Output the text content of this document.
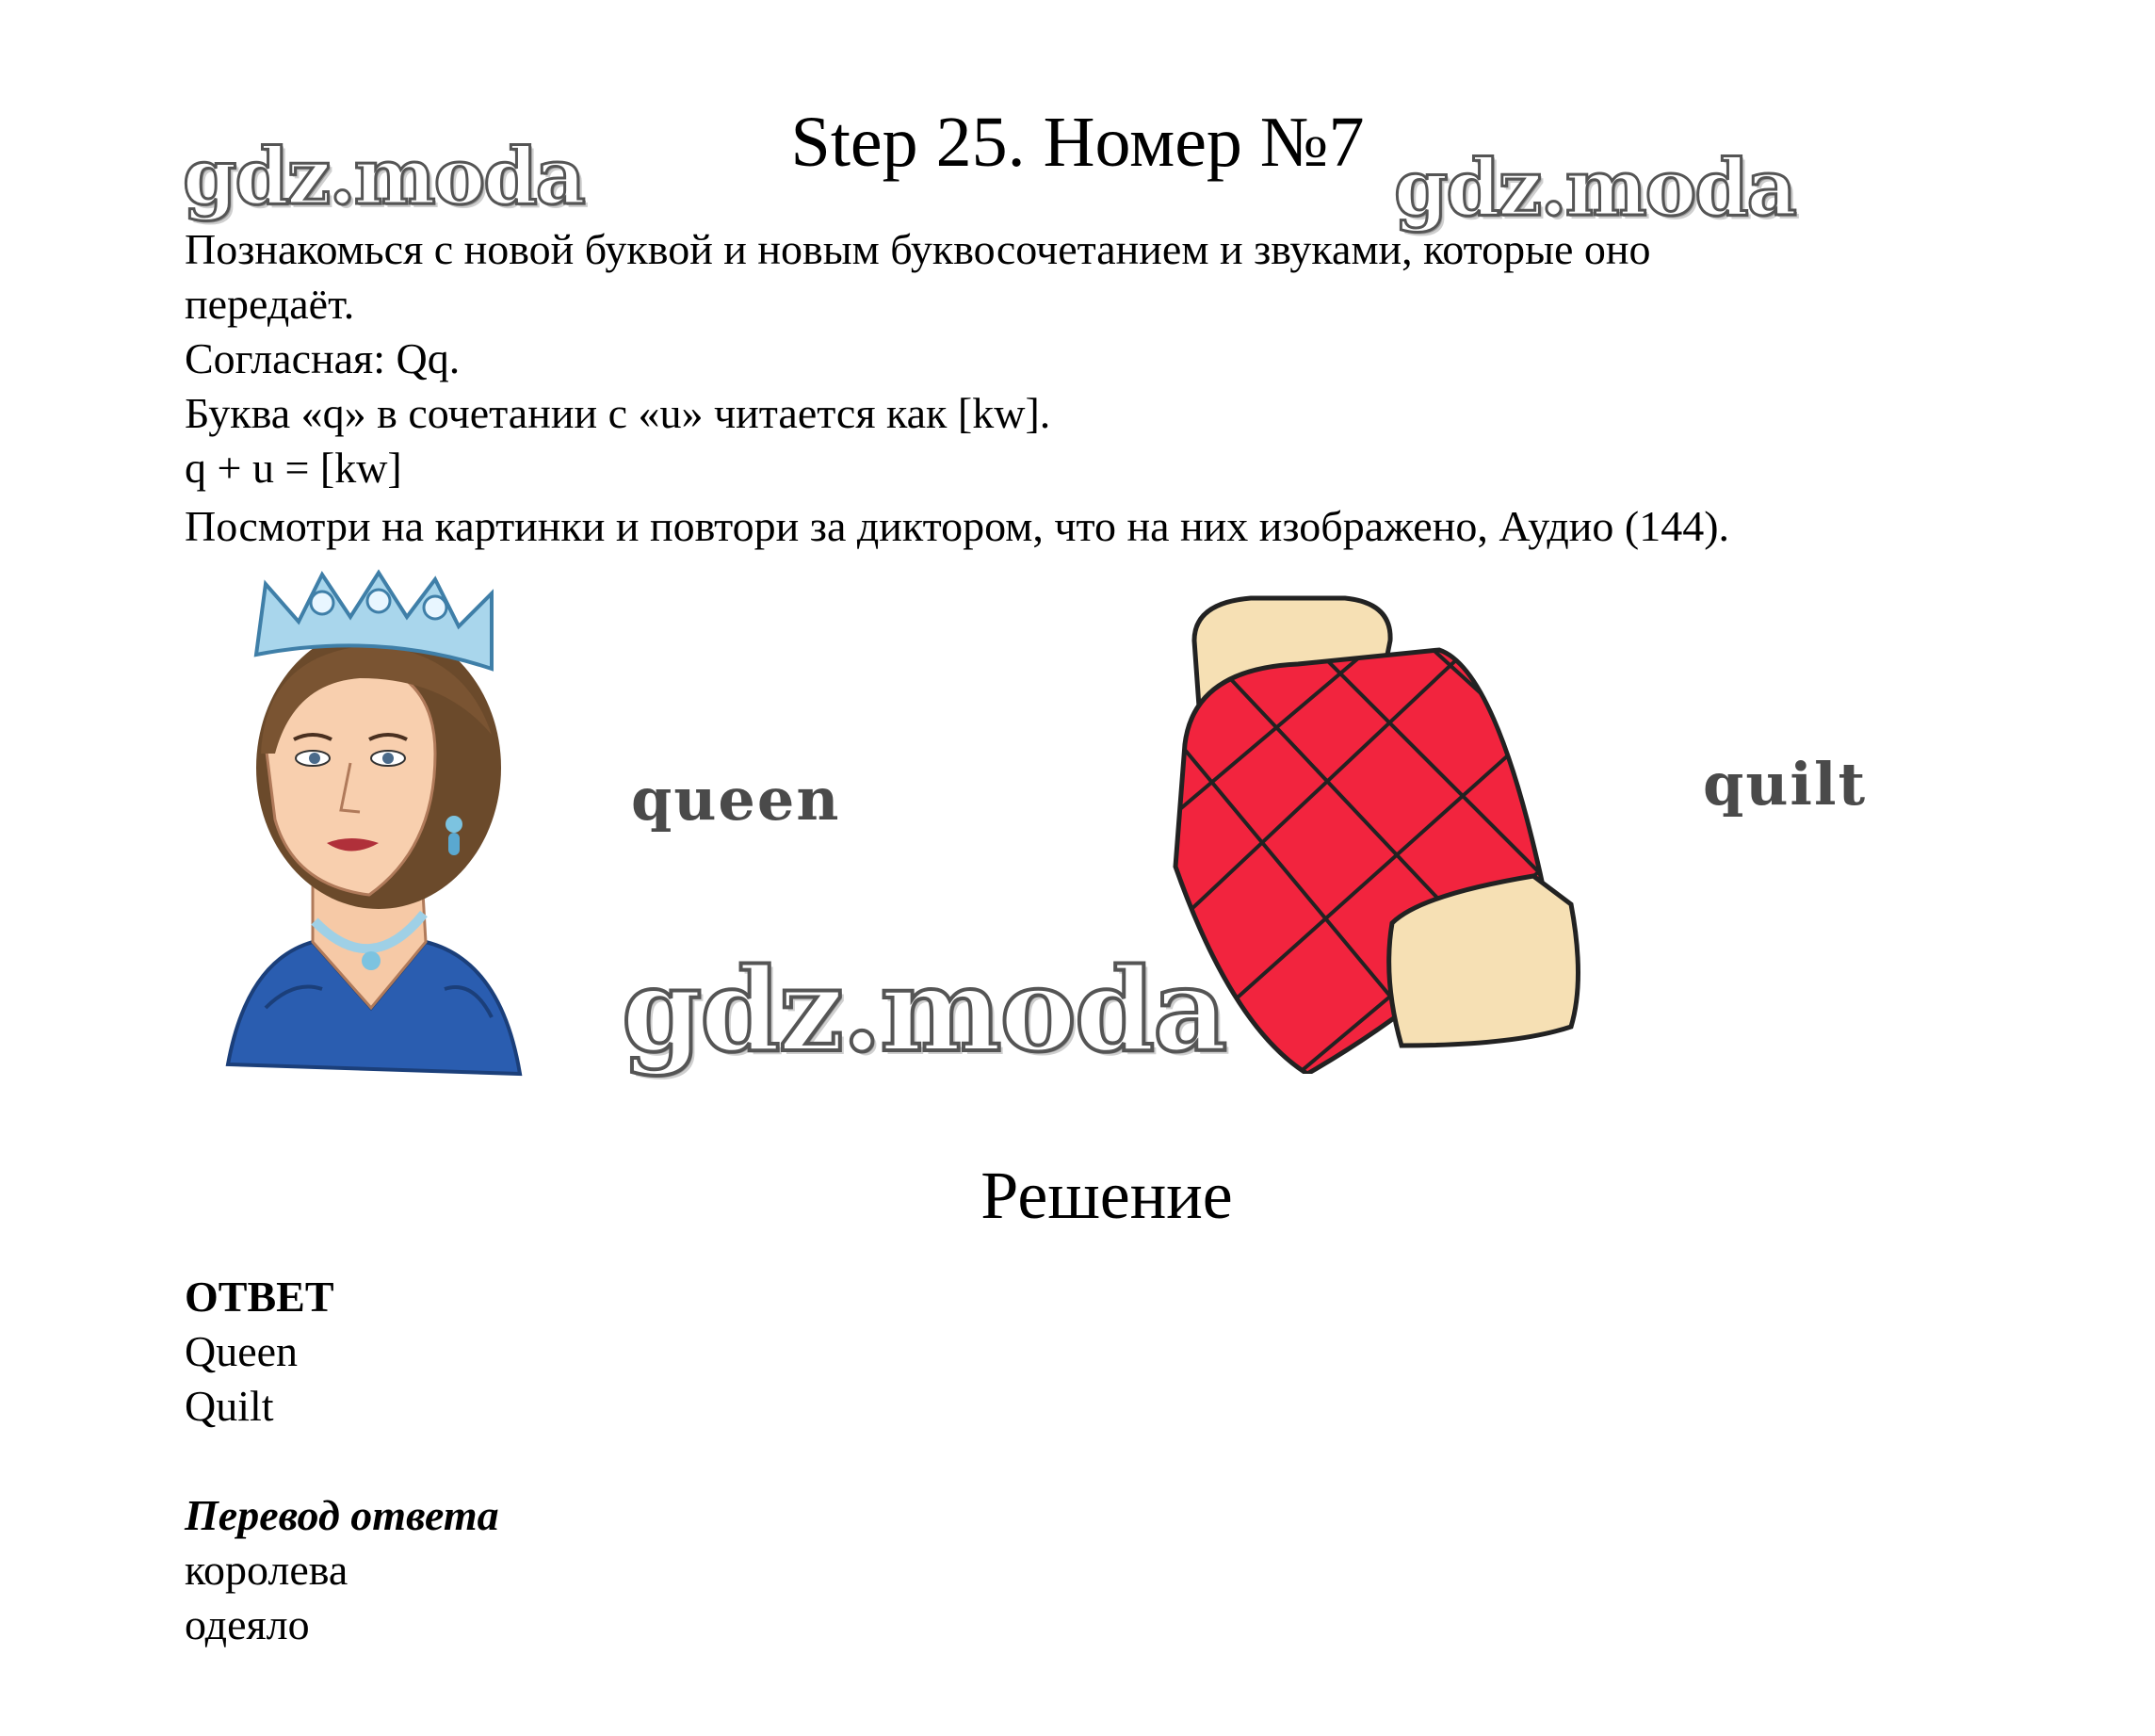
Step 25. Номер №7
gdz.moda	gdz.moda
Познакомься с новой буквой и новым буквосочетанием и звуками, которые оно
передаёт.
Согласная: Qq.
Буква «q» в сочетании с «u» читается как [kw].
q + u = [kw]
Посмотри на картинки и повтори за диктором, что на них изображено, Аудио (144).
queen	quilt
gdz.moda
Решение
ОТВЕТ
Queen
Quilt
Перевод ответа
королева
одеяло
